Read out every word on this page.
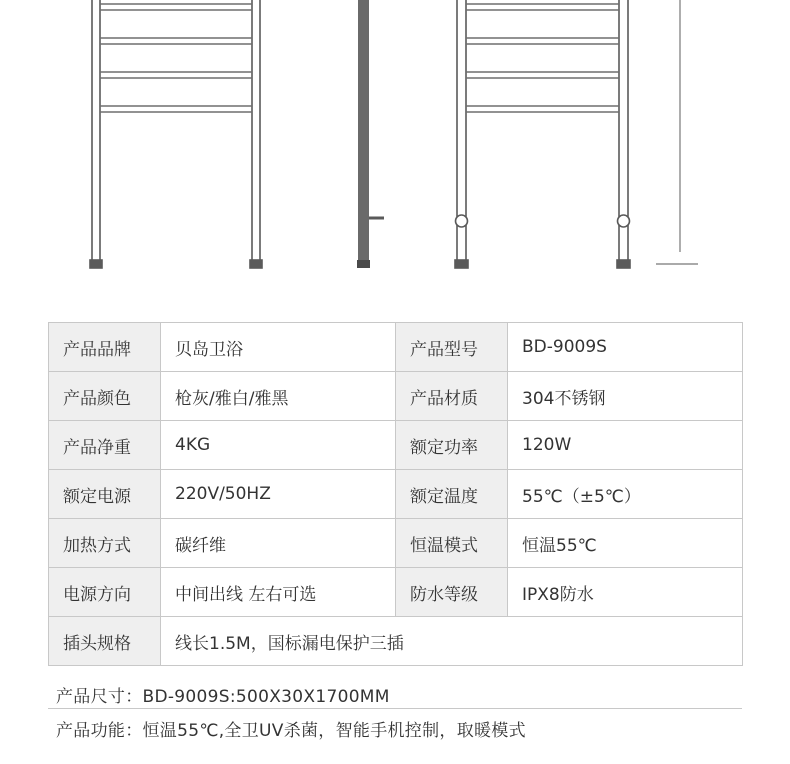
产品品牌	贝岛卫浴	产品型号	BD-9009S
产品颜色	枪灰/雅白/雅黑	产品材质	304不锈钢
产品净重	4KG	额定功率	120W
额定电源	220V/50HZ	额定温度	55℃（±5℃）
加热方式	碳纤维	恒温模式	恒温55℃
电源方向	中间出线 左右可选	防水等级	IPX8防水
插头规格	线长1.5M，国标漏电保护三插		
产品尺寸：BD-9009S:500X30X1700MM
产品功能：恒温55℃,全卫UV杀菌，智能手机控制，取暖模式
